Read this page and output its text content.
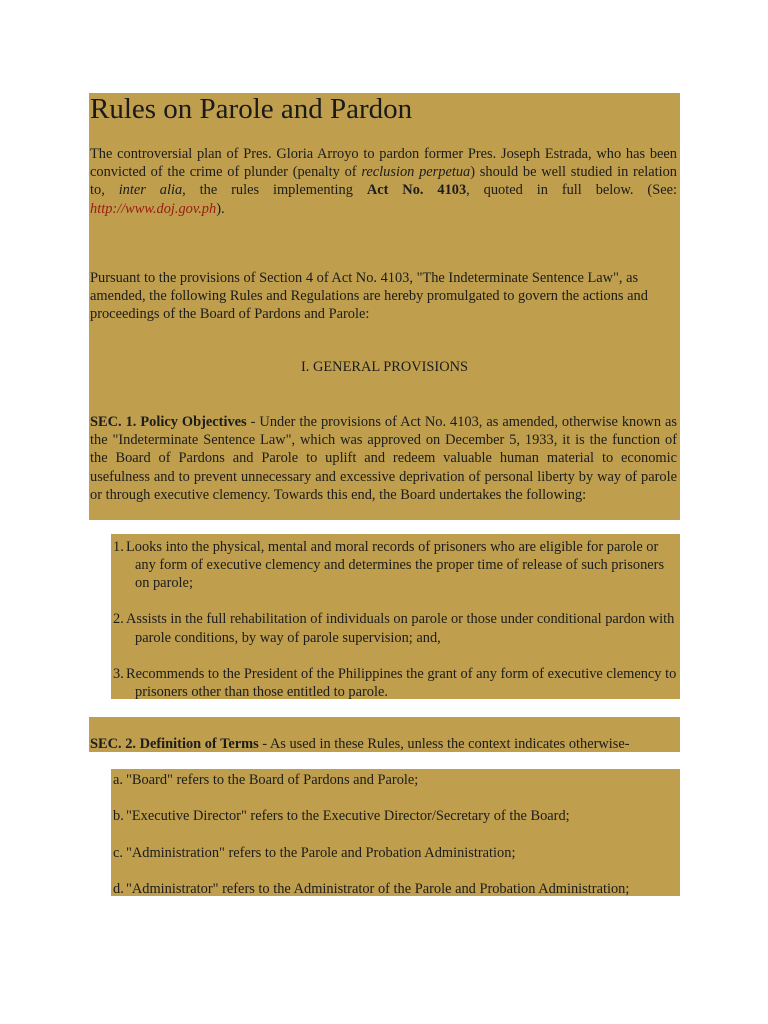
Rules on Parole and Pardon

The controversial plan of Pres. Gloria Arroyo to pardon former Pres. Joseph Estrada, who has been convicted of the crime of plunder (penalty of reclusion perpetua) should be well studied in relation to, inter alia, the rules implementing Act No. 4103, quoted in full below. (See: http://www.doj.gov.ph).

Pursuant to the provisions of Section 4 of Act No. 4103, "The Indeterminate Sentence Law", as amended, the following Rules and Regulations are hereby promulgated to govern the actions and proceedings of the Board of Pardons and Parole:

I. GENERAL PROVISIONS

SEC. 1. Policy Objectives - Under the provisions of Act No. 4103, as amended, otherwise known as the "Indeterminate Sentence Law", which was approved on December 5, 1933, it is the function of the Board of Pardons and Parole to uplift and redeem valuable human material to economic usefulness and to prevent unnecessary and excessive deprivation of personal liberty by way of parole or through executive clemency. Towards this end, the Board undertakes the following:

1. Looks into the physical, mental and moral records of prisoners who are eligible for parole or any form of executive clemency and determines the proper time of release of such prisoners on parole;
2. Assists in the full rehabilitation of individuals on parole or those under conditional pardon with parole conditions, by way of parole supervision; and,
3. Recommends to the President of the Philippines the grant of any form of executive clemency to prisoners other than those entitled to parole.

SEC. 2. Definition of Terms - As used in these Rules, unless the context indicates otherwise-

a. "Board" refers to the Board of Pardons and Parole;
b. "Executive Director" refers to the Executive Director/Secretary of the Board;
c. "Administration" refers to the Parole and Probation Administration;
d. "Administrator" refers to the Administrator of the Parole and Probation Administration;
